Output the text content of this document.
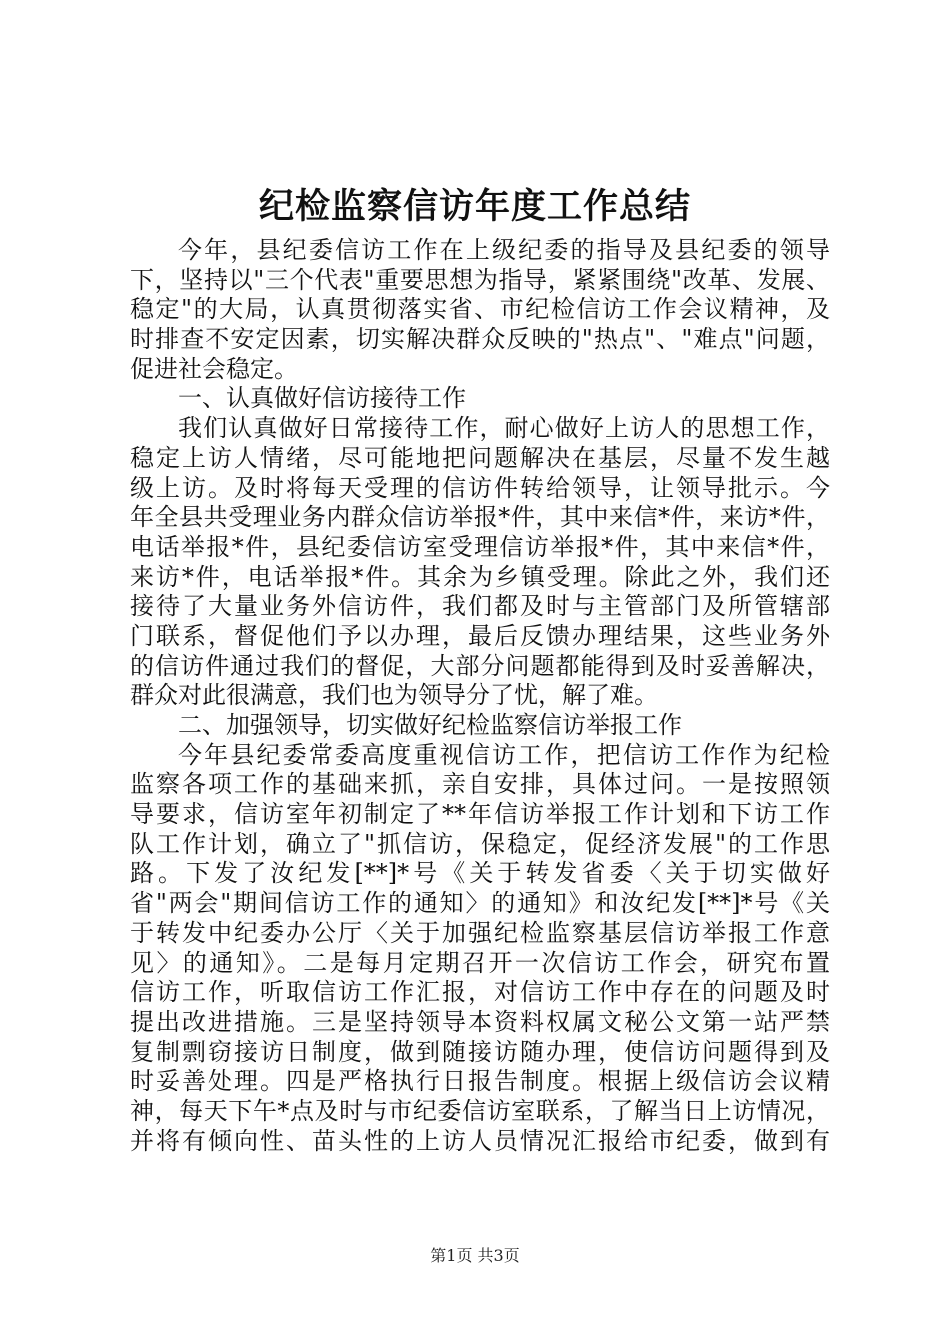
纪检监察信访年度工作总结
今年，县纪委信访工作在上级纪委的指导及县纪委的领导
下，坚持以"三个代表"重要思想为指导，紧紧围绕"改革、发展、
稳定"的大局，认真贯彻落实省、市纪检信访工作会议精神，及
时排查不安定因素，切实解决群众反映的"热点"、"难点"问题，
促进社会稳定。
一、认真做好信访接待工作
我们认真做好日常接待工作，耐心做好上访人的思想工作，
稳定上访人情绪，尽可能地把问题解决在基层，尽量不发生越
级上访。及时将每天受理的信访件转给领导，让领导批示。今
年全县共受理业务内群众信访举报*件，其中来信*件，来访*件，
电话举报*件，县纪委信访室受理信访举报*件，其中来信*件，
来访*件，电话举报*件。其余为乡镇受理。除此之外，我们还
接待了大量业务外信访件，我们都及时与主管部门及所管辖部
门联系，督促他们予以办理，最后反馈办理结果，这些业务外
的信访件通过我们的督促，大部分问题都能得到及时妥善解决，
群众对此很满意，我们也为领导分了忧，解了难。
二、加强领导，切实做好纪检监察信访举报工作
今年县纪委常委高度重视信访工作，把信访工作作为纪检
监察各项工作的基础来抓，亲自安排，具体过问。一是按照领
导要求，信访室年初制定了**年信访举报工作计划和下访工作
队工作计划，确立了"抓信访，保稳定，促经济发展"的工作思
路。下发了汝纪发[**]*号《关于转发省委〈关于切实做好
省"两会"期间信访工作的通知〉的通知》和汝纪发[**]*号《关
于转发中纪委办公厅〈关于加强纪检监察基层信访举报工作意
见〉的通知》。二是每月定期召开一次信访工作会，研究布置
信访工作，听取信访工作汇报，对信访工作中存在的问题及时
提出改进措施。三是坚持领导本资料权属文秘公文第一站严禁
复制剽窃接访日制度，做到随接访随办理，使信访问题得到及
时妥善处理。四是严格执行日报告制度。根据上级信访会议精
神，每天下午*点及时与市纪委信访室联系，了解当日上访情况，
并将有倾向性、苗头性的上访人员情况汇报给市纪委，做到有
第1页 共3页
